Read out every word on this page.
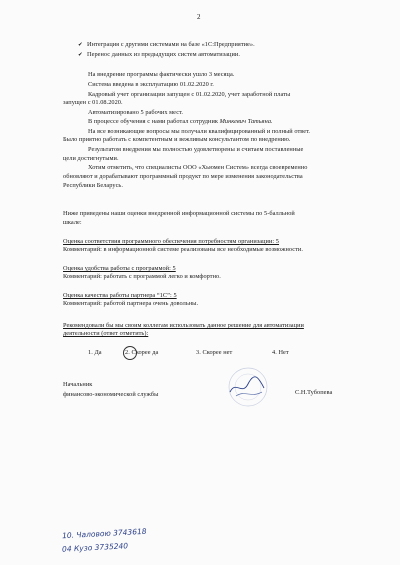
2
✔ Интеграция с другими системами на базе «1С:Предприятие».
✔ Перенос данных из предыдущих систем автоматизации.
На внедрение программы фактически ушло 3 месяца.
Система введена в эксплуатацию 01.02.2020 г.
Кадровый учет организации запущен с 01.02.2020, учет заработной платы
запущен с 01.08.2020.
Автоматизировано 5 рабочих мест.
В процессе обучения с нами работал сотрудник Минкевич Татьяна.
На все возникающие вопросы мы получали квалифицированный и полный ответ.
Было приятно работать с компетентным и вежливым консультантом по внедрению.
Результатом внедрения мы полностью удовлетворены и считаем поставленные
цели достигнутыми.
Хотим отметить, что специалисты ООО «Хьюмен Систем» всегда своевременно
обновляют и дорабатывают программный продукт по мере изменения законодательства
Республики Беларусь.
Ниже приведены наши оценки внедренной информационной системы по 5-балльной
шкале:
Оценка соответствия программного обеспечения потребностям организации: 5
Комментарий: в информационной системе реализованы все необходимые возможности.
Оценка удобства работы с программой: 5
Комментарий: работать с программой легко и комфортно.
Оценка качества работы партнера “1С”: 5
Комментарий: работой партнера очень довольны.
Рекомендовали бы мы своим коллегам использовать данное решение для автоматизации
деятельности (ответ отметить):
1. Да	2. Скорее да	3. Скорее нет	4. Нет
Начальник
финансово-экономической службы	С.Н.Тубопева
10. Чаловою 3743618
04 Кузо 3735240
